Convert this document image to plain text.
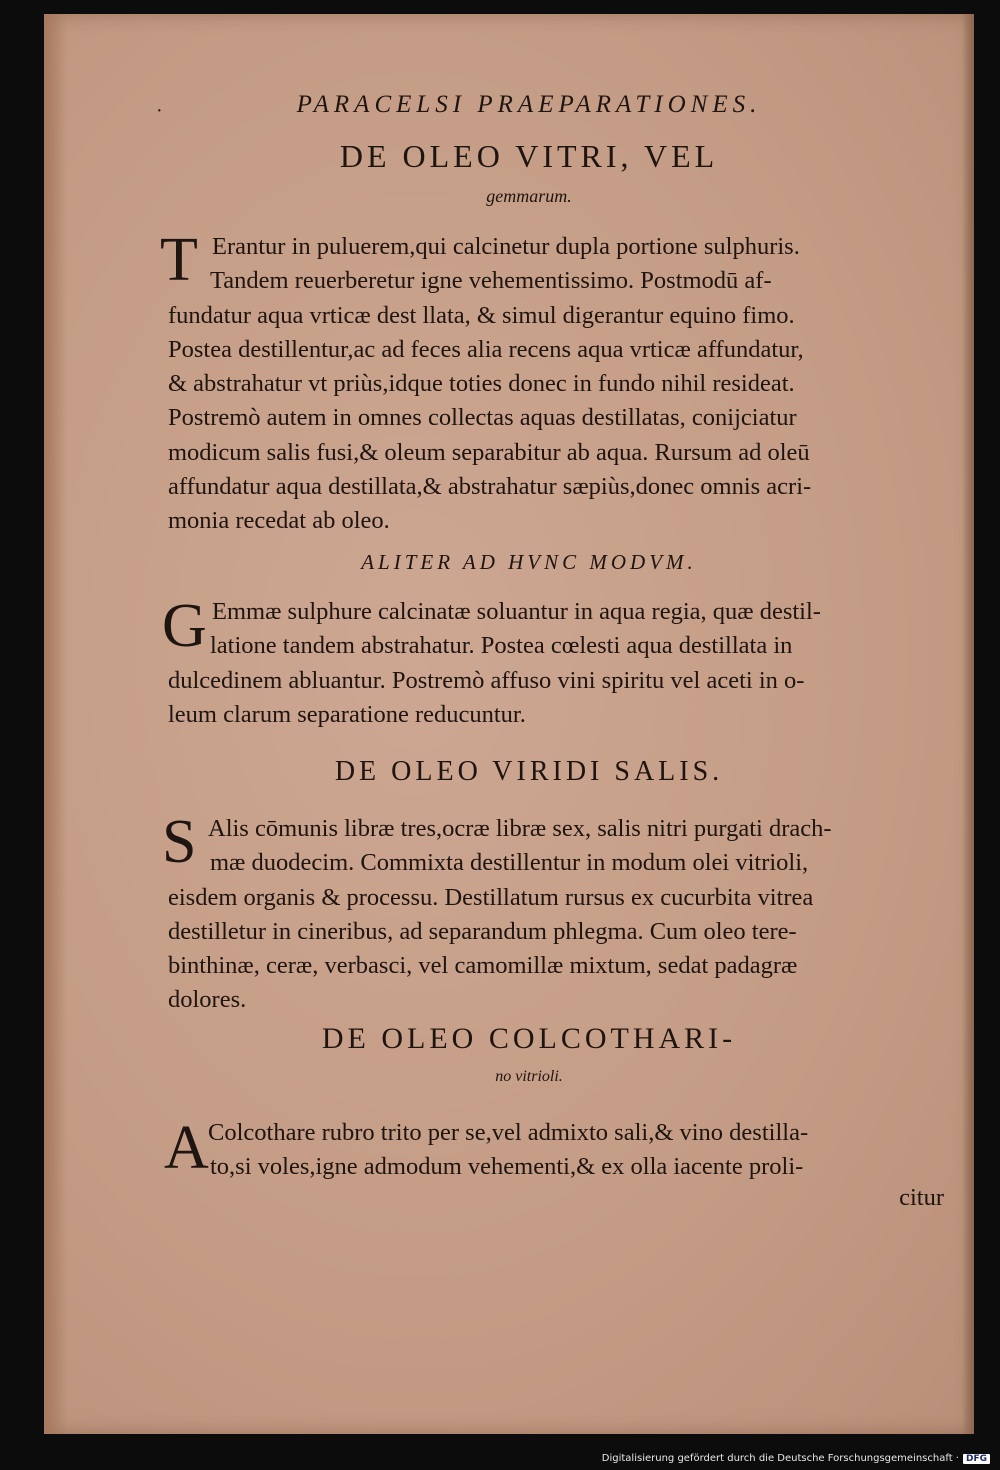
·	PARACELSI PRAEPARATIONES.
DE OLEO VITRI, VEL
gemmarum.
T Erantur in puluerem,qui calcinetur dupla portione sulphuris.
Tandem reuerberetur igne vehementissimo. Postmodū af-
fundatur aqua vrticæ dest llata, & simul digerantur equino fimo.
Postea destillentur,ac ad feces alia recens aqua vrticæ affundatur,
& abstrahatur vt priùs,idque toties donec in fundo nihil resideat.
Postremò autem in omnes collectas aquas destillatas, conijciatur
modicum salis fusi,& oleum separabitur ab aqua. Rursum ad oleū
affundatur aqua destillata,& abstrahatur sæpiùs,donec omnis acri-
monia recedat ab oleo.
ALITER AD HVNC MODVM.
G Emmæ sulphure calcinatæ soluantur in aqua regia, quæ destil-
latione tandem abstrahatur. Postea cœlesti aqua destillata in
dulcedinem abluantur. Postremò affuso vini spiritu vel aceti in o-
leum clarum separatione reducuntur.
DE OLEO VIRIDI SALIS.
S Alis cōmunis libræ tres,ocræ libræ sex, salis nitri purgati drach-
mæ duodecim. Commixta destillentur in modum olei vitrioli,
eisdem organis & processu. Destillatum rursus ex cucurbita vitrea
destilletur in cineribus, ad separandum phlegma. Cum oleo tere-
binthinæ, ceræ, verbasci, vel camomillæ mixtum, sedat padagræ
dolores.
DE OLEO COLCOTHARI-
no vitrioli.
A Colcothare rubro trito per se,vel admixto sali,& vino destilla-
to,si voles,igne admodum vehementi,& ex olla iacente proli-
citur
Digitalisierung gefördert durch die Deutsche Forschungsgemeinschaft · DFG
